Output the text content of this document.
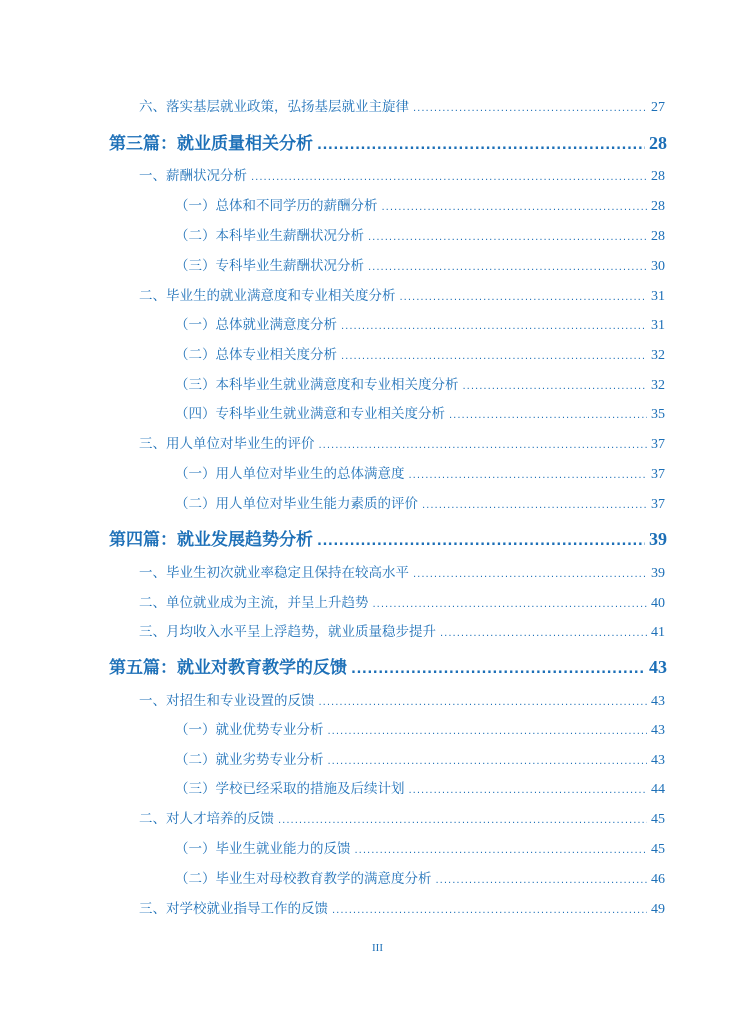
六、落实基层就业政策，弘扬基层就业主旋律 .....	27
第三篇：就业质量相关分析 .....	28
一、薪酬状况分析 .....	28
（一）总体和不同学历的薪酬分析 .....	28
（二）本科毕业生薪酬状况分析 .....	28
（三）专科毕业生薪酬状况分析 .....	30
二、毕业生的就业满意度和专业相关度分析 .....	31
（一）总体就业满意度分析 .....	31
（二）总体专业相关度分析 .....	32
（三）本科毕业生就业满意度和专业相关度分析 .....	32
（四）专科毕业生就业满意和专业相关度分析 .....	35
三、用人单位对毕业生的评价 .....	37
（一）用人单位对毕业生的总体满意度 .....	37
（二）用人单位对毕业生能力素质的评价 .....	37
第四篇：就业发展趋势分析 .....	39
一、毕业生初次就业率稳定且保持在较高水平 .....	39
二、单位就业成为主流，并呈上升趋势 .....	40
三、月均收入水平呈上浮趋势，就业质量稳步提升 .....	41
第五篇：就业对教育教学的反馈 .....	43
一、对招生和专业设置的反馈 .....	43
（一）就业优势专业分析 .....	43
（二）就业劣势专业分析 .....	43
（三）学校已经采取的措施及后续计划 .....	44
二、对人才培养的反馈 .....	45
（一）毕业生就业能力的反馈 .....	45
（二）毕业生对母校教育教学的满意度分析 .....	46
三、对学校就业指导工作的反馈 .....	49
III
